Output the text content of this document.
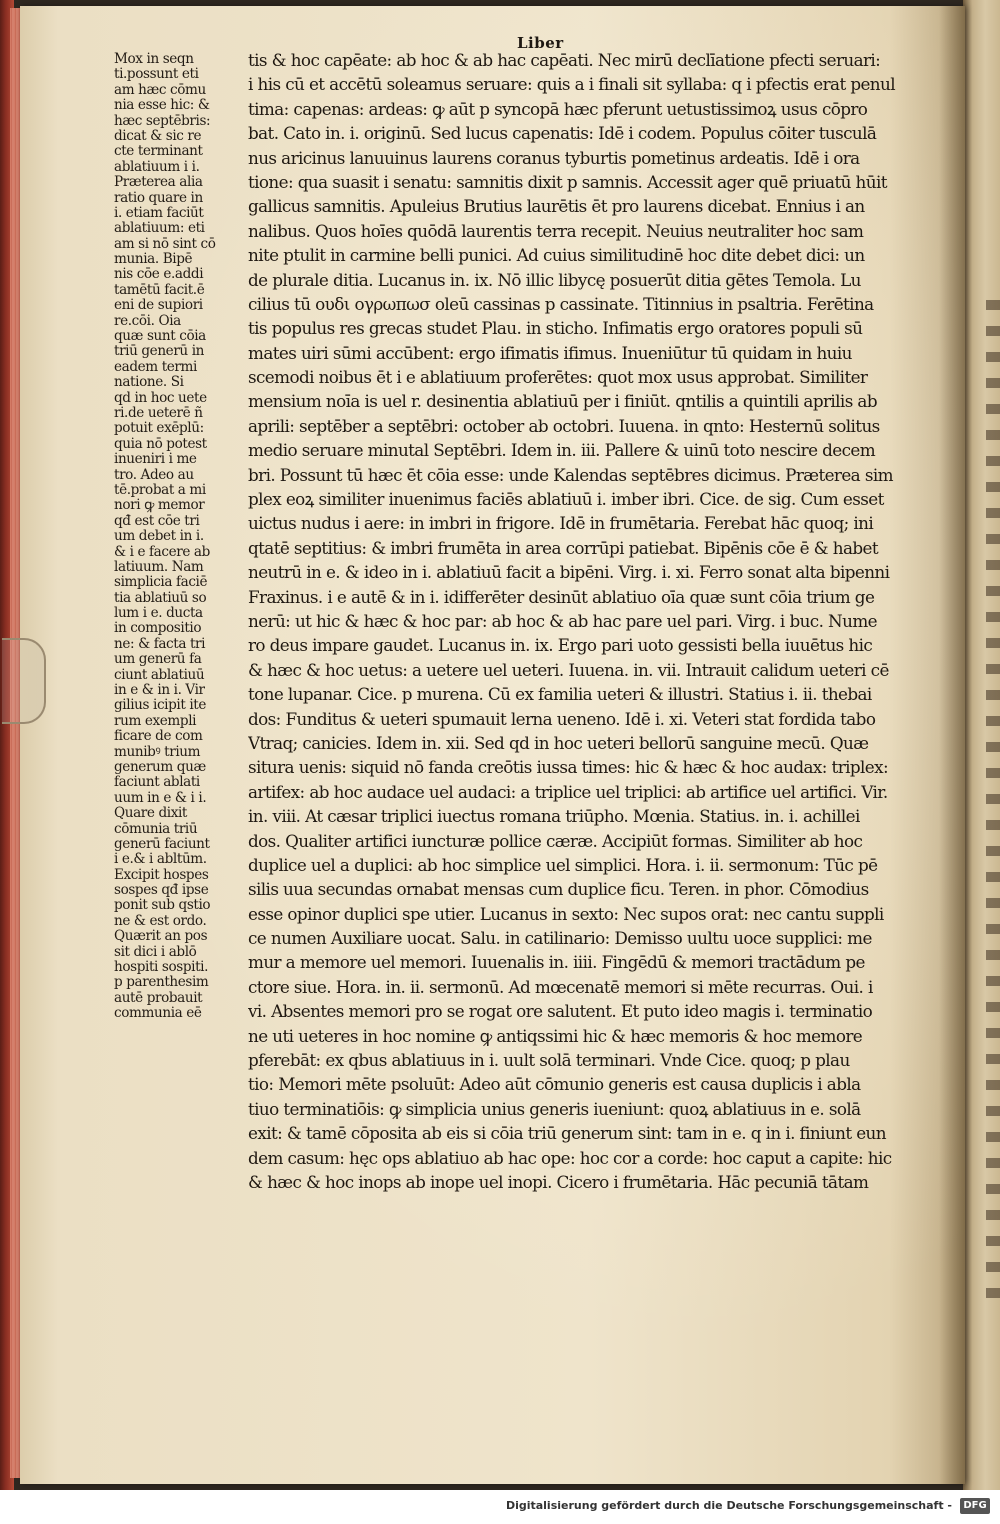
Liber
Mox in seqn
ti.possunt eti
am hæc cōmu
nia esse hic: &
hæc septēbris:
dicat & sic re
cte terminant
ablatiuum i i.
Præterea alia
ratio quare in
i. etiam faciūt
ablatiuum: eti
am si nō sint cō
munia. Bipē
nis cōe e.addi
tamētū facit.ē
eni de supiori
re.cōi. Oia
quæ sunt cōia
triū generū in
eadem termi
natione. Si
qd in hoc uete
ri.de ueterē ñ
potuit exēplū:
quia nō potest
inueniri i me
tro. Adeo au
tē.probat a mi
nori ꝙ memor
qđ est cōe tri
um debet in i.
& i e facere ab
latiuum. Nam
simplicia faciē
tia ablatiuū so
lum i e. ducta
in compositio
ne: & facta tri
um generū fa
ciunt ablatiuū
in e & in i. Vir
gilius icipit ite
rum exempli
ficare de com
munibꝰ trium
generum quæ
faciunt ablati
uum in e & i i.
Quare dixit
cōmunia triū
generū faciunt
i e.& i abltūm.
Excipit hospes
sospes qđ ipse
ponit sub qstio
ne & est ordo.
Quærit an pos
sit dici i ablō
hospiti sospiti.
p parenthesim
autē probauit
communia eē
tis & hoc capēate: ab hoc & ab hac capēati. Nec mirū declīatione pfecti seruari:
i his cū et accētū soleamus seruare: quis a i finali sit syllaba: q i pfectis erat penul
tima: capenas: ardeas: ꝙ aūt p syncopā hæc pferunt uetustissimoꝝ usus cōpro
bat. Cato in. i. originū. Sed lucus capenatis: Idē i codem. Populus cōiter tusculā
nus aricinus lanuuinus laurens coranus tyburtis pometinus ardeatis. Idē i ora
tione: qua suasit i senatu: samnitis dixit p samnis. Accessit ager quē priuatū hūit
gallicus samnitis. Apuleius Brutius laurētis ēt pro laurens dicebat. Ennius i an
nalibus. Quos hoīes quōdā laurentis terra recepit. Neuius neutraliter hoc sam
nite ptulit in carmine belli punici. Ad cuius similitudinē hoc dite debet dici: un
de plurale ditia. Lucanus in. ix. Nō illic libycę posuerūt ditia gētes Temola. Lu
cilius tū ουδι ογρωπωσ oleū cassinas p cassinate. Titinnius in psaltria. Ferētina
tis populus res grecas studet Plau. in sticho. Infimatis ergo oratores populi sū
mates uiri sūmi accūbent: ergo ifimatis ifimus. Inueniūtur tū quidam in huiu
scemodi noibus ēt i e ablatiuum proferētes: quot mox usus approbat. Similiter
mensium noīa is uel r. desinentia ablatiuū per i finiūt. qntilis a quintili aprilis ab
aprili: septēber a septēbri: october ab octobri. Iuuena. in qnto: Hesternū solitus
medio seruare minutal Septēbri. Idem in. iii. Pallere & uinū toto nescire decem
bri. Possunt tū hæc ēt cōia esse: unde Kalendas septēbres dicimus. Præterea sim
plex eoꝝ similiter inuenimus faciēs ablatiuū i. imber ibri. Cice. de sig. Cum esset
uictus nudus i aere: in imbri in frigore. Idē in frumētaria. Ferebat hāc quoq; ini
qtatē septitius: & imbri frumēta in area corrūpi patiebat. Bipēnis cōe ē & habet
neutrū in e. & ideo in i. ablatiuū facit a bipēni. Virg. i. xi. Ferro sonat alta bipenni
Fraxinus. i e autē & in i. idifferēter desinūt ablatiuo oīa quæ sunt cōia trium ge
nerū: ut hic & hæc & hoc par: ab hoc & ab hac pare uel pari. Virg. i buc. Nume
ro deus impare gaudet. Lucanus in. ix. Ergo pari uoto gessisti bella iuuētus hic
& hæc & hoc uetus: a uetere uel ueteri. Iuuena. in. vii. Intrauit calidum ueteri cē
tone lupanar. Cice. p murena. Cū ex familia ueteri & illustri. Statius i. ii. thebai
dos: Funditus & ueteri spumauit lerna ueneno. Idē i. xi. Veteri stat fordida tabo
Vtraq; canicies. Idem in. xii. Sed qd in hoc ueteri bellorū sanguine mecū. Quæ
situra uenis: siquid nō fanda creōtis iussa times: hic & hæc & hoc audax: triplex:
artifex: ab hoc audace uel audaci: a triplice uel triplici: ab artifice uel artifici. Vir.
in. viii. At cæsar triplici iuectus romana triūpho. Mœnia. Statius. in. i. achillei
dos. Qualiter artifici iuncturæ pollice cæræ. Accipiūt formas. Similiter ab hoc
duplice uel a duplici: ab hoc simplice uel simplici. Hora. i. ii. sermonum: Tūc pē
silis uua secundas ornabat mensas cum duplice ficu. Teren. in phor. Cōmodius
esse opinor duplici spe utier. Lucanus in sexto: Nec supos orat: nec cantu suppli
ce numen Auxiliare uocat. Salu. in catilinario: Demisso uultu uoce supplici: me
mur a memore uel memori. Iuuenalis in. iiii. Fingēdū & memori tractādum pe
ctore siue. Hora. in. ii. sermonū. Ad mœcenatē memori si mēte recurras. Oui. i
vi. Absentes memori pro se rogat ore salutent. Et puto ideo magis i. terminatio
ne uti ueteres in hoc nomine ꝙ antiqssimi hic & hæc memoris & hoc memore
pferebāt: ex qbus ablatiuus in i. uult solā terminari. Vnde Cice. quoq; p plau
tio: Memori mēte psoluūt: Adeo aūt cōmunio generis est causa duplicis i abla
tiuo terminatiōis: ꝙ simplicia unius generis iueniunt: quoꝝ ablatiuus in e. solā
exit: & tamē cōposita ab eis si cōia triū generum sint: tam in e. q in i. finiunt eun
dem casum: hęc ops ablatiuo ab hac ope: hoc cor a corde: hoc caput a capite: hic
& hæc & hoc inops ab inope uel inopi. Cicero i frumētaria. Hāc pecuniā tātam
Digitalisierung gefördert durch die Deutsche Forschungsgemeinschaft -	DFG
